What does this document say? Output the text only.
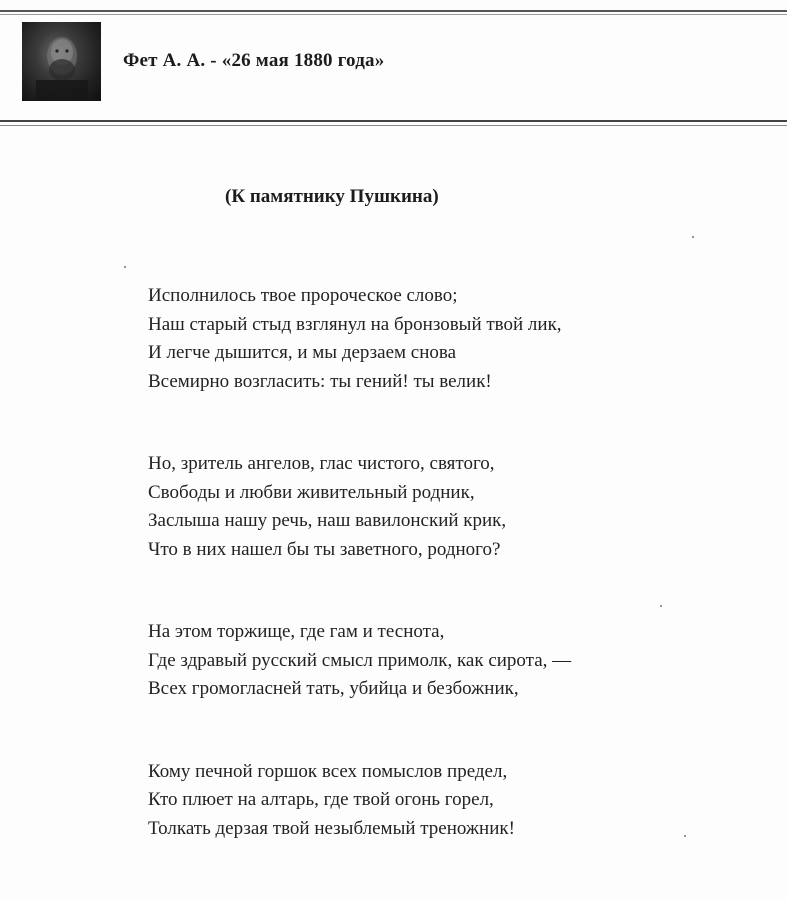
Фет А. А. - «26 мая 1880 года»
(К памятнику Пушкина)
Исполнилось твое пророческое слово;
Наш старый стыд взглянул на бронзовый твой лик,
И легче дышится, и мы дерзаем снова
Всемирно возгласить: ты гений! ты велик!
Но, зритель ангелов, глас чистого, святого,
Свободы и любви живительный родник,
Заслыша нашу речь, наш вавилонский крик,
Что в них нашел бы ты заветного, родного?
На этом торжище, где гам и теснота,
Где здравый русский смысл примолк, как сирота, —
Всех громогласней тать, убийца и безбожник,
Кому печной горшок всех помыслов предел,
Кто плюет на алтарь, где твой огонь горел,
Толкать дерзая твой незыблемый треножник!
